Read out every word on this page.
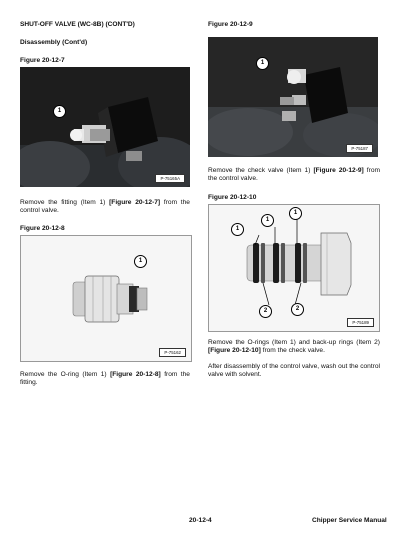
SHUT-OFF VALVE (WC-8B) (CONT'D)
Disassembly (Cont'd)
Figure 20-12-7
1
P-75165A
Remove the fitting (Item 1) [Figure 20-12-7] from the control valve.
Figure 20-12-8
1
P-75162
Remove the O-ring (Item 1) [Figure 20-12-8] from the fitting.
Figure 20-12-9
1
P-75187
Remove the check valve (Item 1) [Figure 20-12-9] from the control valve.
Figure 20-12-10
1
1
1
2	2
P-75189
Remove the O-rings (Item 1) and back-up rings (Item 2) [Figure 20-12-10] from the check valve.
After disassembly of the control valve, wash out the control valve with solvent.
20-12-4	Chipper Service Manual
